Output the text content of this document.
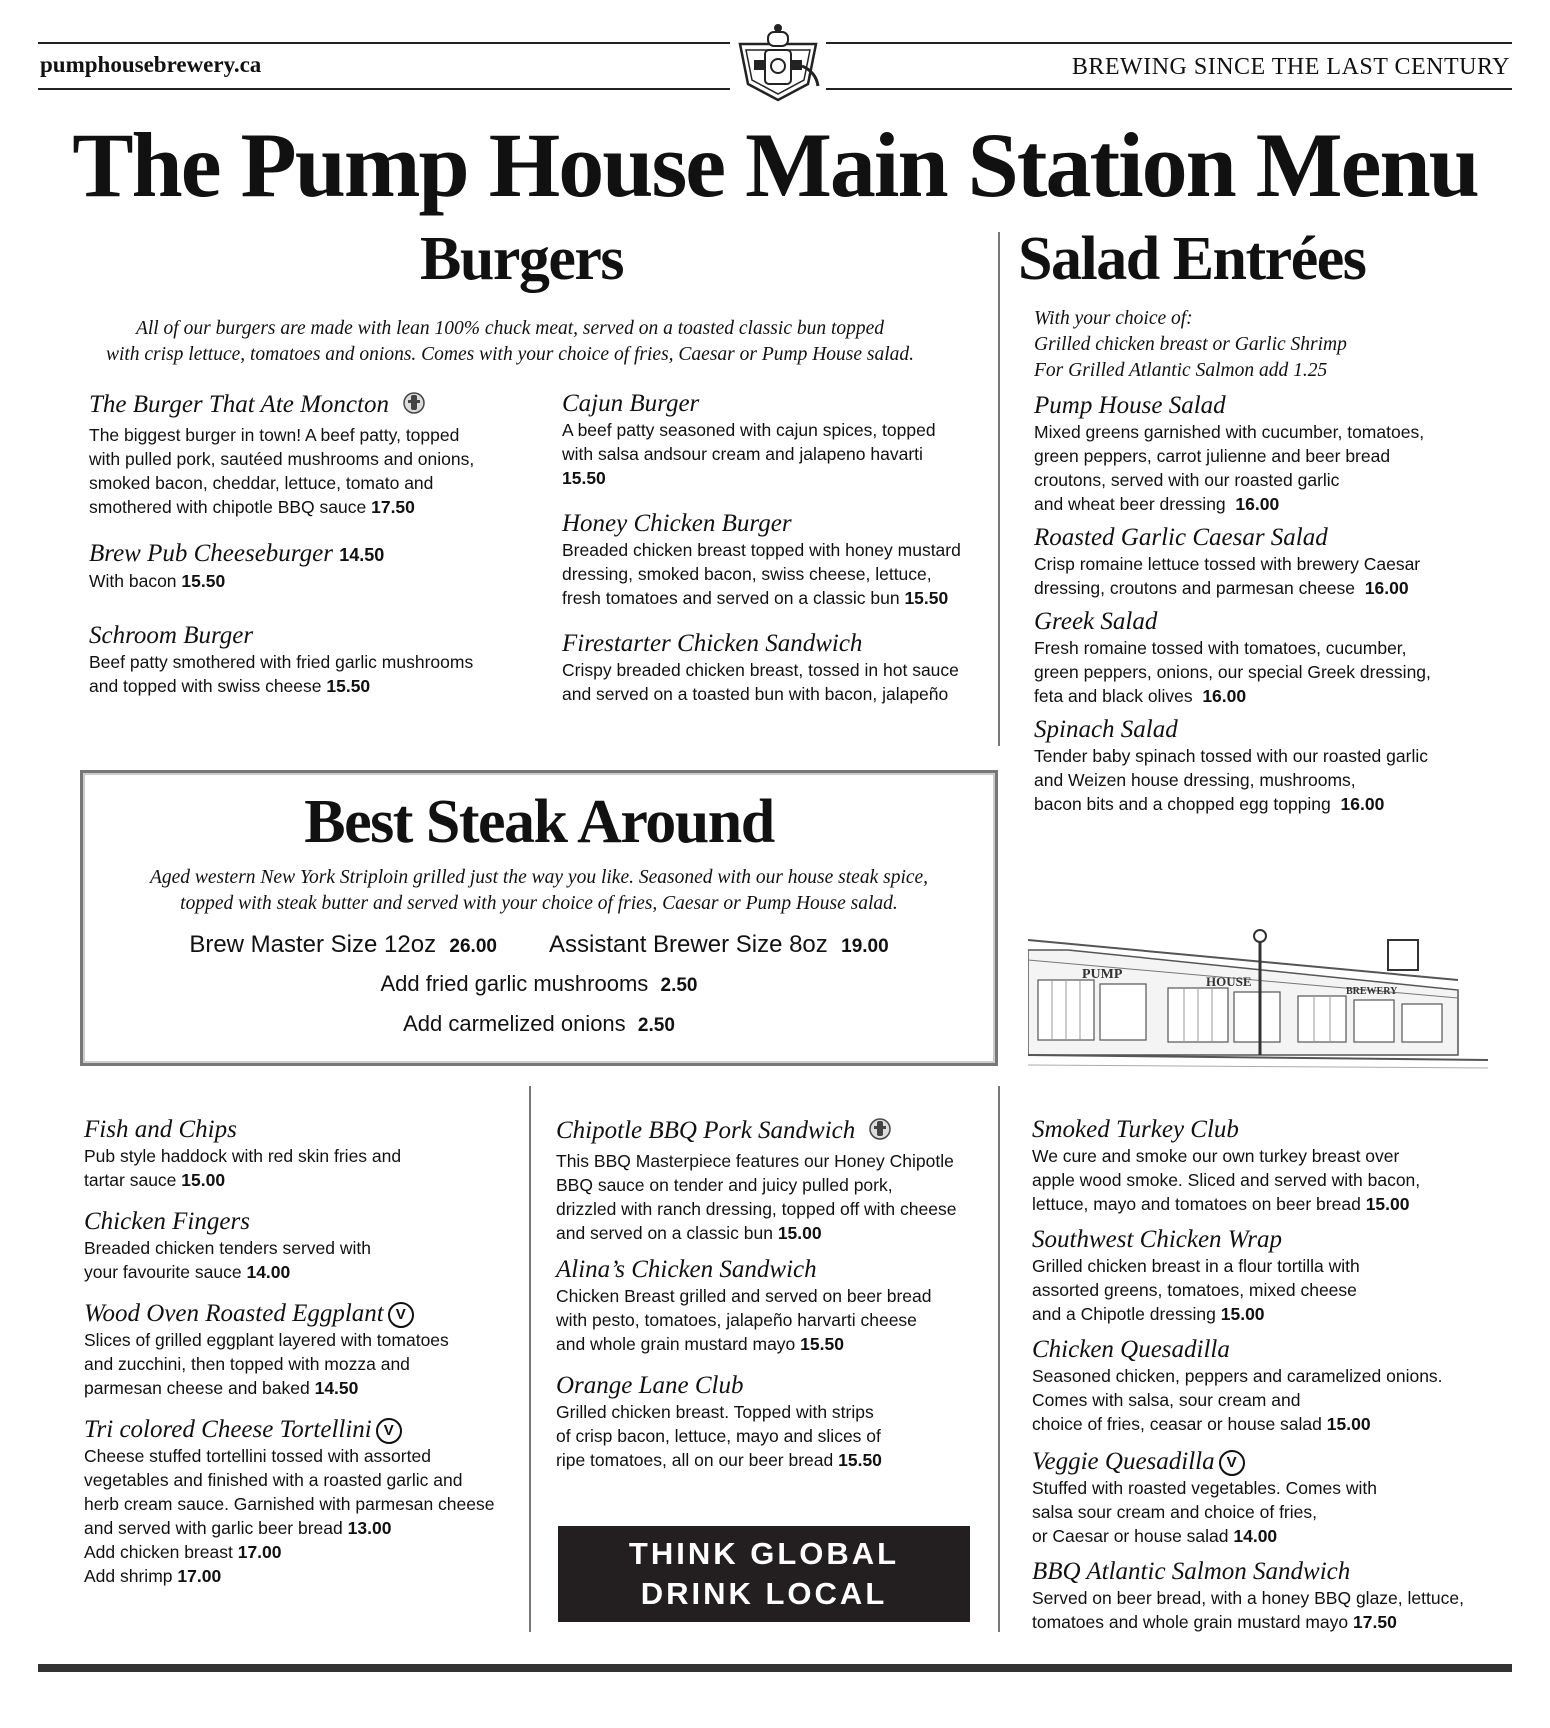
pumphousebrewery.ca	BREWING SINCE THE LAST CENTURY
The Pump House Main Station Menu
Burgers
All of our burgers are made with lean 100% chuck meat, served on a toasted classic bun topped
with crisp lettuce, tomatoes and onions. Comes with your choice of fries, Caesar or Pump House salad.
The Burger That Ate Moncton
The biggest burger in town! A beef patty, topped
with pulled pork, sautéed mushrooms and onions,
smoked bacon, cheddar, lettuce, tomato and
smothered with chipotle BBQ sauce 17.50
Brew Pub Cheeseburger 14.50
With bacon 15.50
Schroom Burger
Beef patty smothered with fried garlic mushrooms
and topped with swiss cheese 15.50
Cajun Burger
A beef patty seasoned with cajun spices, topped
with salsa andsour cream and jalapeno havarti
15.50
Honey Chicken Burger
Breaded chicken breast topped with honey mustard
dressing, smoked bacon, swiss cheese, lettuce,
fresh tomatoes and served on a classic bun 15.50
Firestarter Chicken Sandwich
Crispy breaded chicken breast, tossed in hot sauce
and served on a toasted bun with bacon, jalapeño
Salad Entrées
With your choice of:
Grilled chicken breast or Garlic Shrimp
For Grilled Atlantic Salmon add 1.25
Pump House Salad
Mixed greens garnished with cucumber, tomatoes,
green peppers, carrot julienne and beer bread
croutons, served with our roasted garlic
and wheat beer dressing 16.00
Roasted Garlic Caesar Salad
Crisp romaine lettuce tossed with brewery Caesar
dressing, croutons and parmesan cheese 16.00
Greek Salad
Fresh romaine tossed with tomatoes, cucumber,
green peppers, onions, our special Greek dressing,
feta and black olives 16.00
Spinach Salad
Tender baby spinach tossed with our roasted garlic
and Weizen house dressing, mushrooms,
bacon bits and a chopped egg topping 16.00
Best Steak Around
Aged western New York Striploin grilled just the way you like. Seasoned with our house steak spice,
topped with steak butter and served with your choice of fries, Caesar or Pump House salad.
Brew Master Size 12oz 26.00 Assistant Brewer Size 8oz 19.00
Add fried garlic mushrooms 2.50
Add carmelized onions 2.50
PUMP	HOUSE
BREWERY
Fish and Chips
Pub style haddock with red skin fries and
tartar sauce 15.00
Chicken Fingers
Breaded chicken tenders served with
your favourite sauce 14.00
Wood Oven Roasted Eggplant V
Slices of grilled eggplant layered with tomatoes
and zucchini, then topped with mozza and
parmesan cheese and baked 14.50
Tri colored Cheese Tortellini V
Cheese stuffed tortellini tossed with assorted
vegetables and finished with a roasted garlic and
herb cream sauce. Garnished with parmesan cheese
and served with garlic beer bread 13.00
Add chicken breast 17.00
Add shrimp 17.00
Chipotle BBQ Pork Sandwich
This BBQ Masterpiece features our Honey Chipotle
BBQ sauce on tender and juicy pulled pork,
drizzled with ranch dressing, topped off with cheese
and served on a classic bun 15.00
Alina’s Chicken Sandwich
Chicken Breast grilled and served on beer bread
with pesto, tomatoes, jalapeño harvarti cheese
and whole grain mustard mayo 15.50
Orange Lane Club
Grilled chicken breast. Topped with strips
of crisp bacon, lettuce, mayo and slices of
ripe tomatoes, all on our beer bread 15.50
THINK GLOBAL
DRINK LOCAL
Smoked Turkey Club
We cure and smoke our own turkey breast over
apple wood smoke. Sliced and served with bacon,
lettuce, mayo and tomatoes on beer bread 15.00
Southwest Chicken Wrap
Grilled chicken breast in a flour tortilla with
assorted greens, tomatoes, mixed cheese
and a Chipotle dressing 15.00
Chicken Quesadilla
Seasoned chicken, peppers and caramelized onions.
Comes with salsa, sour cream and
choice of fries, ceasar or house salad 15.00
Veggie Quesadilla V
Stuffed with roasted vegetables. Comes with
salsa sour cream and choice of fries,
or Caesar or house salad 14.00
BBQ Atlantic Salmon Sandwich
Served on beer bread, with a honey BBQ glaze, lettuce,
tomatoes and whole grain mustard mayo 17.50
